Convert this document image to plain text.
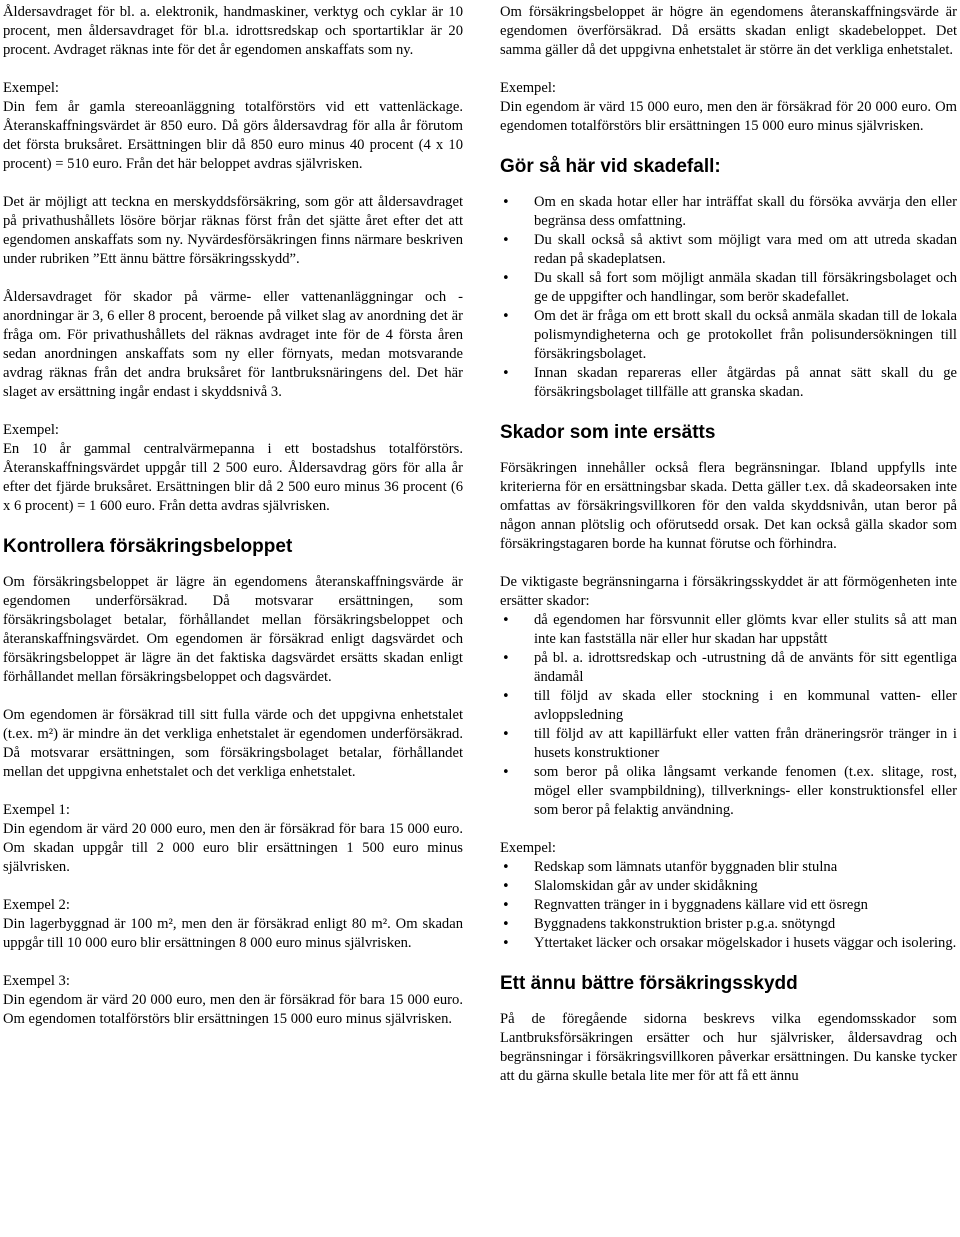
Åldersavdraget för bl. a. elektronik, handmaskiner, verktyg och cyklar är 10 procent, men åldersavdraget för bl.a. idrottsredskap och sportartiklar är 20 procent. Avdraget räknas inte för det år egendomen anskaffats som ny.

Exempel:
Din fem år gamla stereoanläggning totalförstörs vid ett vattenläckage. Återanskaffningsvärdet är 850 euro. Då görs åldersavdrag för alla år förutom det första bruksåret. Ersättningen blir då 850 euro minus 40 procent (4 x 10 procent) = 510 euro. Från det här beloppet avdras självrisken.

Det är möjligt att teckna en merskyddsförsäkring, som gör att åldersavdraget på privathushållets lösöre börjar räknas först från det sjätte året efter det att egendomen anskaffats som ny. Nyvärdesförsäkringen finns närmare beskriven under rubriken ”Ett ännu bättre försäkringsskydd”.

Åldersavdraget för skador på värme- eller vattenanläggningar och -anordningar är 3, 6 eller 8 procent, beroende på vilket slag av anordning det är fråga om. För privathushållets del räknas avdraget inte för de 4 första åren sedan anordningen anskaffats som ny eller förnyats, medan motsvarande avdrag räknas från det andra bruksåret för lantbruksnäringens del. Det här slaget av ersättning ingår endast i skyddsnivå 3.

Exempel:
En 10 år gammal centralvärmepanna i ett bostadshus totalförstörs. Återanskaffningsvärdet uppgår till 2 500 euro. Åldersavdrag görs för alla år efter det fjärde bruksåret. Ersättningen blir då 2 500 euro minus 36 procent (6 x 6 procent) = 1 600 euro. Från detta avdras självrisken.

Kontrollera försäkringsbeloppet

Om försäkringsbeloppet är lägre än egendomens återanskaffningsvärde är egendomen underförsäkrad. Då motsvarar ersättningen, som försäkringsbolaget betalar, förhållandet mellan försäkringsbeloppet och återanskaffningsvärdet. Om egendomen är försäkrad enligt dagsvärdet och försäkringsbeloppet är lägre än det faktiska dagsvärdet ersätts skadan enligt förhållandet mellan försäkringsbeloppet och dagsvärdet.

Om egendomen är försäkrad till sitt fulla värde och det uppgivna enhetstalet (t.ex. m²) är mindre än det verkliga enhetstalet är egendomen underförsäkrad. Då motsvarar ersättningen, som försäkringsbolaget betalar, förhållandet mellan det uppgivna enhetstalet och det verkliga enhetstalet.

Exempel 1:
Din egendom är värd 20 000 euro, men den är försäkrad för bara 15 000 euro. Om skadan uppgår till 2 000 euro blir ersättningen 1 500 euro minus självrisken.

Exempel 2:
Din lagerbyggnad är 100 m², men den är försäkrad enligt 80 m². Om skadan uppgår till 10 000 euro blir ersättningen 8 000 euro minus självrisken.

Exempel 3:
Din egendom är värd 20 000 euro, men den är försäkrad för bara 15 000 euro. Om egendomen totalförstörs blir ersättningen 15 000 euro minus självrisken.

Om försäkringsbeloppet är högre än egendomens återanskaffningsvärde är egendomen överförsäkrad. Då ersätts skadan enligt skadebeloppet. Det samma gäller då det uppgivna enhetstalet är större än det verkliga enhetstalet.

Exempel:
Din egendom är värd 15 000 euro, men den är försäkrad för 20 000 euro. Om egendomen totalförstörs blir ersättningen 15 000 euro minus självrisken.

Gör så här vid skadefall:
• Om en skada hotar eller har inträffat skall du försöka avvärja den eller begränsa dess omfattning.
• Du skall också så aktivt som möjligt vara med om att utreda skadan redan på skadeplatsen.
• Du skall så fort som möjligt anmäla skadan till försäkringsbolaget och ge de uppgifter och handlingar, som berör skadefallet.
• Om det är fråga om ett brott skall du också anmäla skadan till de lokala polismyndigheterna och ge protokollet från polisundersökningen till försäkringsbolaget.
• Innan skadan repareras eller åtgärdas på annat sätt skall du ge försäkringsbolaget tillfälle att granska skadan.
Skador som inte ersätts

Försäkringen innehåller också flera begränsningar. Ibland uppfylls inte kriterierna för en ersättningsbar skada. Detta gäller t.ex. då skadeorsaken inte omfattas av försäkringsvillkoren för den valda skyddsnivån, utan beror på någon annan plötslig och oförutsedd orsak. Det kan också gälla skador som försäkringstagaren borde ha kunnat förutse och förhindra.

De viktigaste begränsningarna i försäkringsskyddet är att förmögenheten inte ersätter skador:

• då egendomen har försvunnit eller glömts kvar eller stulits så att man inte kan fastställa när eller hur skadan har uppstått
• på bl. a. idrottsredskap och -utrustning då de använts för sitt egentliga ändamål
• till följd av skada eller stockning i en kommunal vatten- eller avloppsledning
• till följd av att kapillärfukt eller vatten från dräneringsrör tränger in i husets konstruktioner
• som beror på olika långsamt verkande fenomen (t.ex. slitage, rost, mögel eller svampbildning), tillverknings- eller konstruktionsfel eller som beror på felaktig användning.

Exempel:

• Redskap som lämnats utanför byggnaden blir stulna
• Slalomskidan går av under skidåkning
• Regnvatten tränger in i byggnadens källare vid ett ösregn
• Byggnadens takkonstruktion brister p.g.a. snötyngd
• Yttertaket läcker och orsakar mögelskador i husets väggar och isolering.
Ett ännu bättre försäkringsskydd

På de föregående sidorna beskrevs vilka egendomsskador som Lantbruksförsäkringen ersätter och hur självrisker, åldersavdrag och begränsningar i försäkringsvillkoren påverkar ersättningen. Du kanske tycker att du gärna skulle betala lite mer för att få ett ännu
